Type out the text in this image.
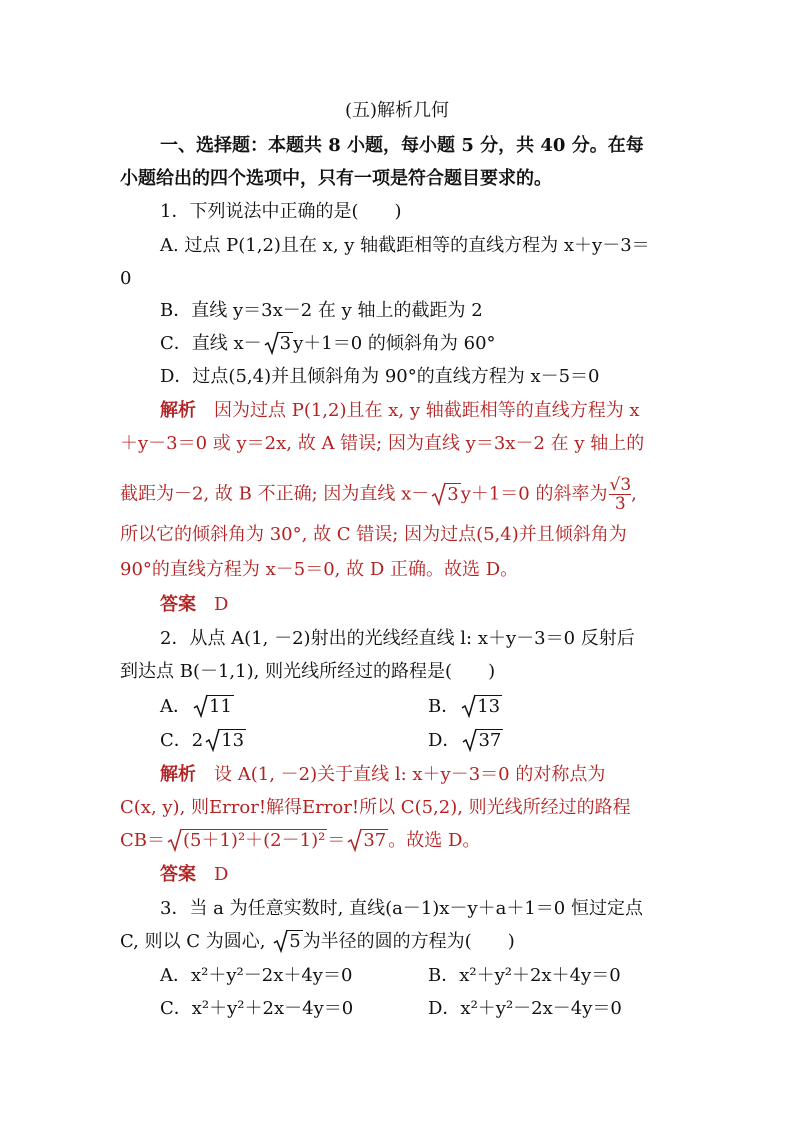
(五)解析几何
一、选择题：本题共 8 小题，每小题 5 分，共 40 分。在每
小题给出的四个选项中，只有一项是符合题目要求的。
1．下列说法中正确的是(　　)
A. 过点 P(1,2)且在 x, y 轴截距相等的直线方程为 x＋y－3＝
0
B．直线 y＝3x－2 在 y 轴上的截距为 2
C．直线 x－ 3 y＋1＝0 的倾斜角为 60°
D．过点(5,4)并且倾斜角为 90°的直线方程为 x－5＝0
解析　因为过点 P(1,2)且在 x, y 轴截距相等的直线方程为 x
＋y－3＝0 或 y＝2x, 故 A 错误; 因为直线 y＝3x－2 在 y 轴上的
截距为－2, 故 B 不正确; 因为直线 x－ 3 y＋1＝0 的斜率为 $\frac{√3}{3}$ ,
所以它的倾斜角为 30°, 故 C 错误; 因为过点(5,4)并且倾斜角为
90°的直线方程为 x－5＝0, 故 D 正确。故选 D。
答案　 D
2．从点 A(1, －2)射出的光线经直线 l: x＋y－3＝0 反射后
到达点 B(－1,1), 则光线所经过的路程是(　　)
A． 11	B． 13
C．2 13	D． 37
解析　设 A(1, －2)关于直线 l: x＋y－3＝0 的对称点为
C(x, y), 则Error!解得Error!所以 C(5,2), 则光线所经过的路程
CB＝ (5＋1)²＋(2－1)² ＝ 37 。故选 D。
答案　 D
3．当 a 为任意实数时, 直线(a－1)x－y＋a＋1＝0 恒过定点
C, 则以 C 为圆心,
5 为半径的圆的方程为(　　)
A．x²＋y²－2x＋4y＝0	B．x²＋y²＋2x＋4y＝0
C．x²＋y²＋2x－4y＝0	D．x²＋y²－2x－4y＝0
